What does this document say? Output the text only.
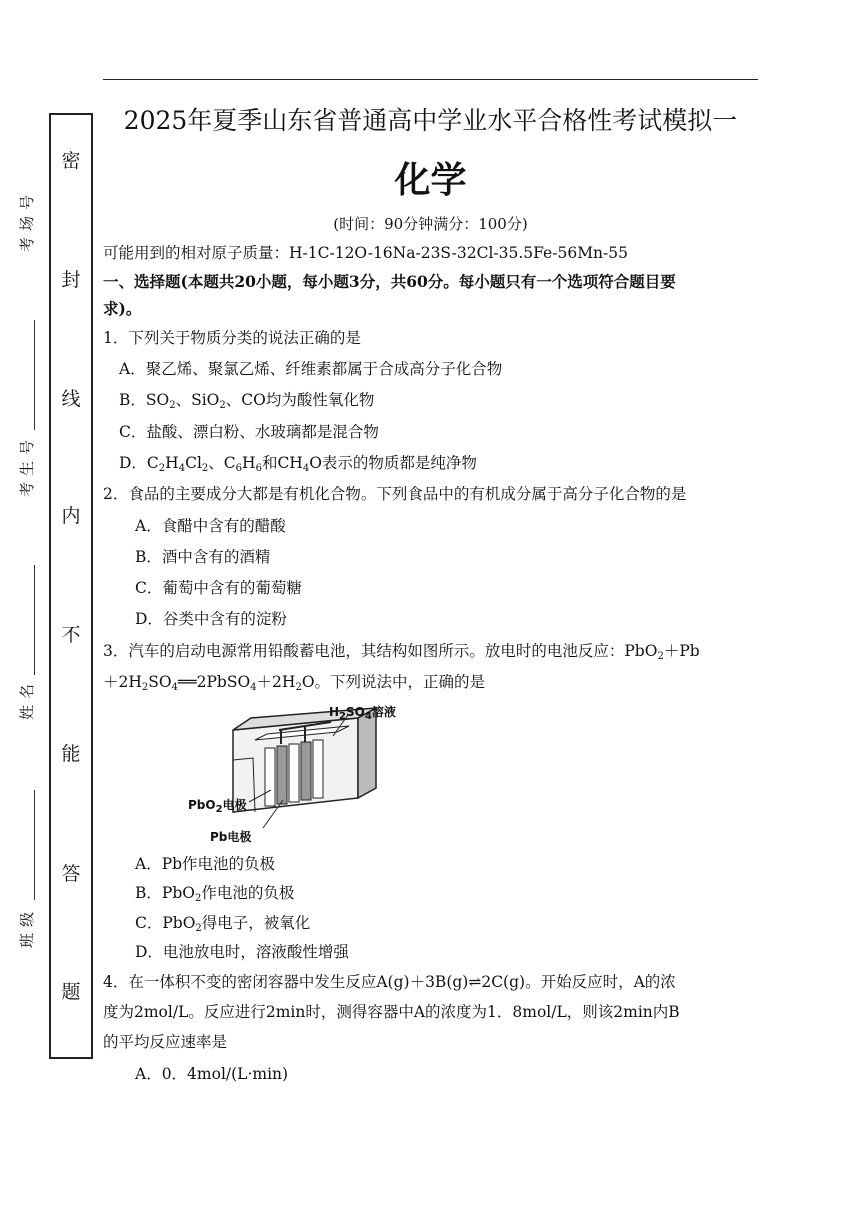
密
封
线
内
不
能
答
题
考场号
考生号
姓名
班级
2025年夏季山东省普通高中学业水平合格性考试模拟一
化学
(时间：90分钟满分：100分)
可能用到的相对原子质量：H-1C-12O-16Na-23S-32Cl-35.5Fe-56Mn-55
一、选择题(本题共20小题，每小题3分，共60分。每小题只有一个选项符合题目要
求)。
1．下列关于物质分类的说法正确的是
A．聚乙烯、聚氯乙烯、纤维素都属于合成高分子化合物
B．$SO_2$、SiO$_2$、CO均为酸性氧化物
C．盐酸、漂白粉、水玻璃都是混合物
D．$C_2H_4Cl_2$、$C_6H_6$和$CH_4O$表示的物质都是纯净物
2．食品的主要成分大都是有机化合物。下列食品中的有机成分属于高分子化合物的是
A．食醋中含有的醋酸
B．酒中含有的酒精
C．葡萄中含有的葡萄糖
D．谷类中含有的淀粉
3．汽车的启动电源常用铅酸蓄电池，其结构如图所示。放电时的电池反应：PbO$_2$＋Pb
$+2H_2SO_4══2PbSO_4+2H_2O$。下列说法中，正确的是
$H_2SO_4$溶液
PbO$_2$电极
Pb电极
A．Pb作电池的负极
B．PbO$_2$作电池的负极
C．PbO$_2$得电子，被氧化
D．电池放电时，溶液酸性增强
4．在一体积不变的密闭容器中发生反应A(g)＋3B(g)⇌2C(g)。开始反应时，A的浓
度为2mol/L。反应进行2min时，测得容器中A的浓度为1．8mol/L，则该2min内B
的平均反应速率是
A．0．4mol/(L·min)
